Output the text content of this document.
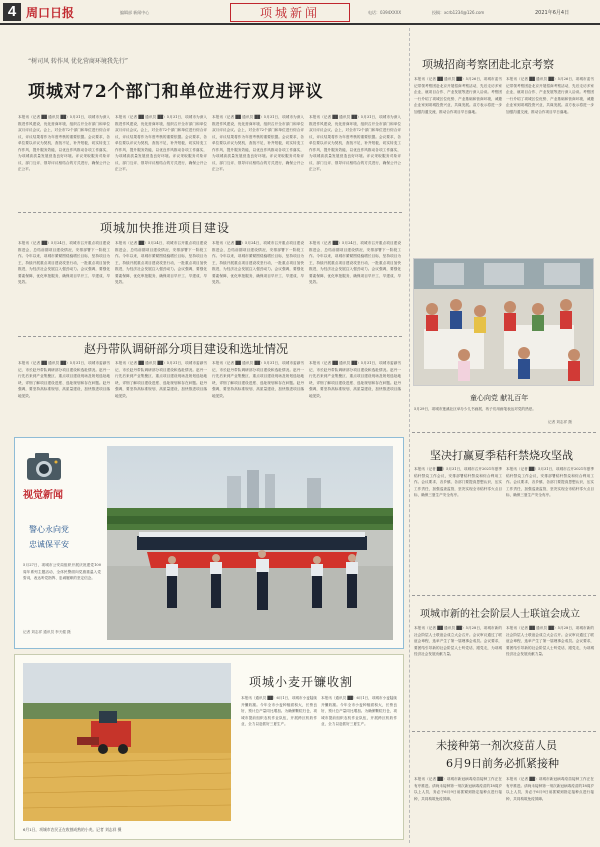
4 周口日报	编辑部 新闻中心	项城新闻	电话：0394XXXX	投稿：xcrb1234@126.com	2021年6月4日
“树司风 转作风 优化营商环境我先行”
项城对72个部门和单位进行双月评议
本报讯（记者 ██ 通讯员 ██）5月31日，项城市为深入推进作风建设，优化营商环境，组织召开全市部门和单位双月评议会议。会上，对全市72个部门和单位进行综合评议，评议结果将作为年度考核的重要依据。会议要求，各单位要以评议为契机，查找不足，补齐短板，切实转变工作作风，提升服务效能，以优良作风推动各项工作落实，为项城高质量发展营造良好环境。评议采取服务对象评议、部门互评、领导评议相结合的方式进行，确保公开公正公平。
本报讯（记者 ██ 通讯员 ██）5月31日，项城市为深入推进作风建设，优化营商环境，组织召开全市部门和单位双月评议会议。会上，对全市72个部门和单位进行综合评议，评议结果将作为年度考核的重要依据。会议要求，各单位要以评议为契机，查找不足，补齐短板，切实转变工作作风，提升服务效能，以优良作风推动各项工作落实，为项城高质量发展营造良好环境。评议采取服务对象评议、部门互评、领导评议相结合的方式进行，确保公开公正公平。
本报讯（记者 ██ 通讯员 ██）5月31日，项城市为深入推进作风建设，优化营商环境，组织召开全市部门和单位双月评议会议。会上，对全市72个部门和单位进行综合评议，评议结果将作为年度考核的重要依据。会议要求，各单位要以评议为契机，查找不足，补齐短板，切实转变工作作风，提升服务效能，以优良作风推动各项工作落实，为项城高质量发展营造良好环境。评议采取服务对象评议、部门互评、领导评议相结合的方式进行，确保公开公正公平。
本报讯（记者 ██ 通讯员 ██）5月31日，项城市为深入推进作风建设，优化营商环境，组织召开全市部门和单位双月评议会议。会上，对全市72个部门和单位进行综合评议，评议结果将作为年度考核的重要依据。会议要求，各单位要以评议为契机，查找不足，补齐短板，切实转变工作作风，提升服务效能，以优良作风推动各项工作落实，为项城高质量发展营造良好环境。评议采取服务对象评议、部门互评、领导评议相结合的方式进行，确保公开公正公平。
项城加快推进项目建设
本报讯（记者 ██）5月24日，项城市召开重点项目建设推进会，总结前期项目建设情况，安排部署下一阶段工作。今年以来，项城市紧紧围绕稳增长目标，坚持项目为王，持续开展重点项目建设攻坚行动，一批重点项目加快推进，为经济社会发展注入强劲动力。会议强调，要强化要素保障，优化审批服务，确保项目早开工、早建成、早见效。
本报讯（记者 ██）5月24日，项城市召开重点项目建设推进会，总结前期项目建设情况，安排部署下一阶段工作。今年以来，项城市紧紧围绕稳增长目标，坚持项目为王，持续开展重点项目建设攻坚行动，一批重点项目加快推进，为经济社会发展注入强劲动力。会议强调，要强化要素保障，优化审批服务，确保项目早开工、早建成、早见效。
本报讯（记者 ██）5月24日，项城市召开重点项目建设推进会，总结前期项目建设情况，安排部署下一阶段工作。今年以来，项城市紧紧围绕稳增长目标，坚持项目为王，持续开展重点项目建设攻坚行动，一批重点项目加快推进，为经济社会发展注入强劲动力。会议强调，要强化要素保障，优化审批服务，确保项目早开工、早建成、早见效。
本报讯（记者 ██）5月24日，项城市召开重点项目建设推进会，总结前期项目建设情况，安排部署下一阶段工作。今年以来，项城市紧紧围绕稳增长目标，坚持项目为王，持续开展重点项目建设攻坚行动，一批重点项目加快推进，为经济社会发展注入强劲动力。会议强调，要强化要素保障，优化审批服务，确保项目早开工、早建成、早见效。
赵丹带队调研部分项目建设和选址情况
本报讯（记者 ██ 通讯员 ██）5月31日，项城市委副书记、市长赵丹带队调研部分项目建设和选址情况。赵丹一行先后来到产业集聚区、重点项目建设现场及规划选址地块，详细了解项目建设进度、选址规划和存在问题。赵丹强调，要坚持高标准规划、高质量建设，加快推进项目落地见效。
本报讯（记者 ██ 通讯员 ██）5月31日，项城市委副书记、市长赵丹带队调研部分项目建设和选址情况。赵丹一行先后来到产业集聚区、重点项目建设现场及规划选址地块，详细了解项目建设进度、选址规划和存在问题。赵丹强调，要坚持高标准规划、高质量建设，加快推进项目落地见效。
本报讯（记者 ██ 通讯员 ██）5月31日，项城市委副书记、市长赵丹带队调研部分项目建设和选址情况。赵丹一行先后来到产业集聚区、重点项目建设现场及规划选址地块，详细了解项目建设进度、选址规划和存在问题。赵丹强调，要坚持高标准规划、高质量建设，加快推进项目落地见效。
本报讯（记者 ██ 通讯员 ██）5月31日，项城市委副书记、市长赵丹带队调研部分项目建设和选址情况。赵丹一行先后来到产业集聚区、重点项目建设现场及规划选址地块，详细了解项目建设进度、选址规划和存在问题。赵丹强调，要坚持高标准规划、高质量建设，加快推进项目落地见效。
视觉新闻
警心永向党
忠诚保平安
5月27日，项城市公安局组织开展庆祝建党100周年系列主题活动，全体民警面向党旗重温入党誓词，表达听党指挥、忠诚履职的坚定信念。
记者 刘志祥 通讯员 李天健 摄
6月1日，项城市农民正在收割成熟的小麦。记者 刘志祥 摄
项城小麦开镰收割
本报讯（通讯员 ██）6月1日，项城市小麦陆续开镰收割。今年全市小麦种植面积大，长势良好，预计总产量同比增加。为确保颗粒归仓，项城市提前组织农机作业队伍，开展跨区机收作业，全力以赴抓好三夏生产。
本报讯（通讯员 ██）6月1日，项城市小麦陆续开镰收割。今年全市小麦种植面积大，长势良好，预计总产量同比增加。为确保颗粒归仓，项城市提前组织农机作业队伍，开展跨区机收作业，全力以赴抓好三夏生产。
项城招商考察团赴北京考察
本报讯（记者 ██ 通讯员 ██）5月26日，项城市委书记带领考察团赴北京开展招商考察活动，先后走访多家企业，就项目合作、产业发展等进行深入洽谈。考察团一行介绍了项城区位优势、产业基础和营商环境，诚邀企业家到项城投资兴业，共谋发展。双方表示将进一步加强沟通交流，推动合作项目早日落地。
本报讯（记者 ██ 通讯员 ██）5月26日，项城市委书记带领考察团赴北京开展招商考察活动，先后走访多家企业，就项目合作、产业发展等进行深入洽谈。考察团一行介绍了项城区位优势、产业基础和营商环境，诚邀企业家到项城投资兴业，共谋发展。双方表示将进一步加强沟通交流，推动合作项目早日落地。
童心向党 献礼百年
5月29日，项城市莲溪社区举办少儿书画展，孩子们用画笔表达对党的热爱。
记者 刘志祥 摄
坚决打赢夏季秸秆禁烧攻坚战
本报讯（记者 ██）5月31日，项城市召开2021年夏季秸秆禁烧工作会议，安排部署秸秆禁烧和综合利用工作。会议要求，各乡镇、各部门要提高思想认识，压实工作责任，加强巡查监管，坚决实现全市秸秆零火点目标，确保三夏生产安全有序。
本报讯（记者 ██）5月31日，项城市召开2021年夏季秸秆禁烧工作会议，安排部署秸秆禁烧和综合利用工作。会议要求，各乡镇、各部门要提高思想认识，压实工作责任，加强巡查监管，坚决实现全市秸秆零火点目标，确保三夏生产安全有序。
项城市新的社会阶层人士联谊会成立
本报讯（记者 ██ 通讯员 ██）5月28日，项城市新的社会阶层人士联谊会成立大会召开。会议审议通过了联谊会章程，选举产生了第一届理事会成员。会议要求，要团结引导新的社会阶层人士听党话、跟党走，为项城经济社会发展贡献力量。
本报讯（记者 ██ 通讯员 ██）5月28日，项城市新的社会阶层人士联谊会成立大会召开。会议审议通过了联谊会章程，选举产生了第一届理事会成员。会议要求，要团结引导新的社会阶层人士听党话、跟党走，为项城经济社会发展贡献力量。
未接种第一剂次疫苗人员
6月9日前务必抓紧接种
本报讯（记者 ██）项城市新冠病毒疫苗接种工作正在有序推进。请尚未接种第一剂次新冠病毒疫苗的18周岁以上人员，务必于6月9日前抓紧到指定接种点进行接种，共同构筑免疫屏障。
本报讯（记者 ██）项城市新冠病毒疫苗接种工作正在有序推进。请尚未接种第一剂次新冠病毒疫苗的18周岁以上人员，务必于6月9日前抓紧到指定接种点进行接种，共同构筑免疫屏障。
